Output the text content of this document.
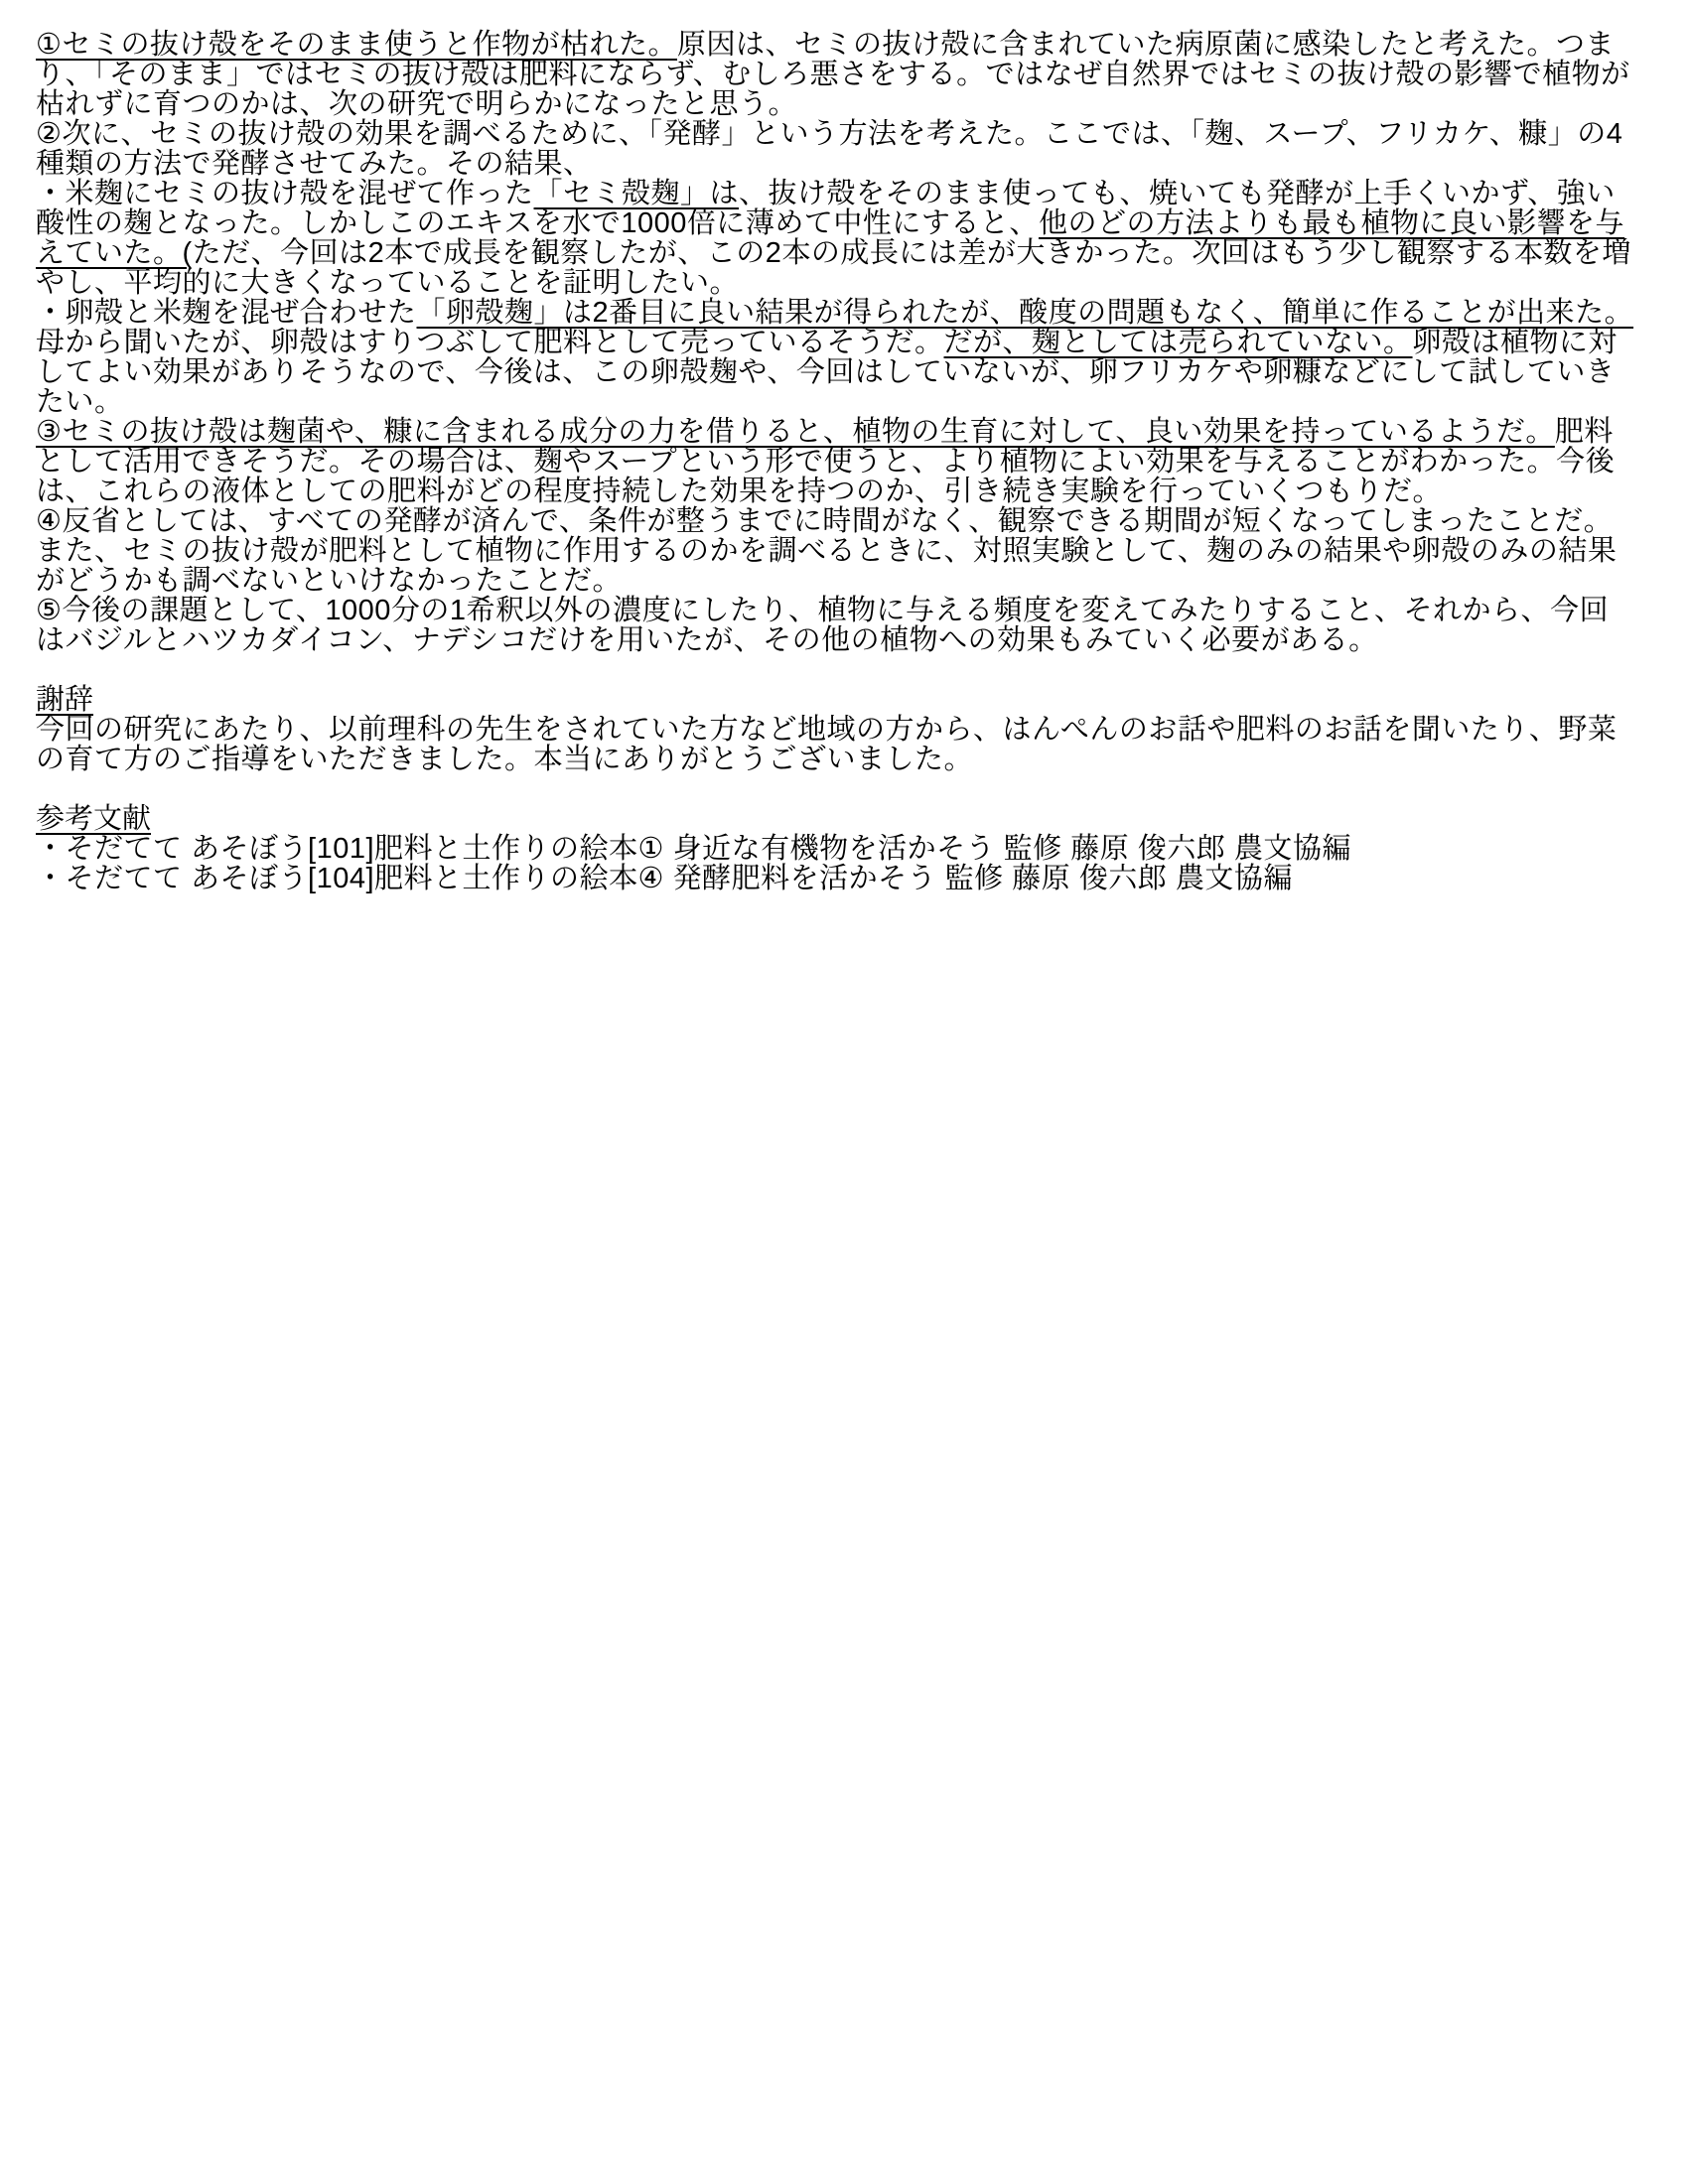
①セミの抜け殻をそのまま使うと作物が枯れた。原因は、セミの抜け殻に含まれていた病原菌に感染したと考えた。つまり、「そのまま」ではセミの抜け殻は肥料にならず、むしろ悪さをする。ではなぜ自然界ではセミの抜け殻の影響で植物が枯れずに育つのかは、次の研究で明らかになったと思う。

②次に、セミの抜け殻の効果を調べるために、「発酵」という方法を考えた。ここでは、「麹、スープ、フリカケ、糠」の4種類の方法で発酵させてみた。その結果、

・米麹にセミの抜け殻を混ぜて作った「セミ殻麹」は、抜け殻をそのまま使っても、焼いても発酵が上手くいかず、強い酸性の麹となった。しかしこのエキスを水で1000倍に薄めて中性にすると、他のどの方法よりも最も植物に良い影響を与えていた。(ただ、今回は2本で成長を観察したが、この2本の成長には差が大きかった。次回はもう少し観察する本数を増やし、平均的に大きくなっていることを証明したい。

・卵殻と米麹を混ぜ合わせた「卵殻麹」は2番目に良い結果が得られたが、酸度の問題もなく、簡単に作ることが出来た。母から聞いたが、卵殻はすりつぶして肥料として売っているそうだ。だが、麹としては売られていない。卵殻は植物に対してよい効果がありそうなので、今後は、この卵殻麹や、今回はしていないが、卵フリカケや卵糠などにして試していきたい。

③セミの抜け殻は麹菌や、糠に含まれる成分の力を借りると、植物の生育に対して、良い効果を持っているようだ。肥料として活用できそうだ。その場合は、麹やスープという形で使うと、より植物によい効果を与えることがわかった。今後は、これらの液体としての肥料がどの程度持続した効果を持つのか、引き続き実験を行っていくつもりだ。

④反省としては、すべての発酵が済んで、条件が整うまでに時間がなく、観察できる期間が短くなってしまったことだ。また、セミの抜け殻が肥料として植物に作用するのかを調べるときに、対照実験として、麹のみの結果や卵殻のみの結果がどうかも調べないといけなかったことだ。

⑤今後の課題として、1000分の1希釈以外の濃度にしたり、植物に与える頻度を変えてみたりすること、それから、今回はバジルとハツカダイコン、ナデシコだけを用いたが、その他の植物への効果もみていく必要がある。

謝辞

今回の研究にあたり、以前理科の先生をされていた方など地域の方から、はんぺんのお話や肥料のお話を聞いたり、野菜の育て方のご指導をいただきました。本当にありがとうございました。

参考文献

・そだてて あそぼう[101]肥料と土作りの絵本① 身近な有機物を活かそう 監修 藤原 俊六郎 農文協編

・そだてて あそぼう[104]肥料と土作りの絵本④ 発酵肥料を活かそう 監修 藤原 俊六郎 農文協編
